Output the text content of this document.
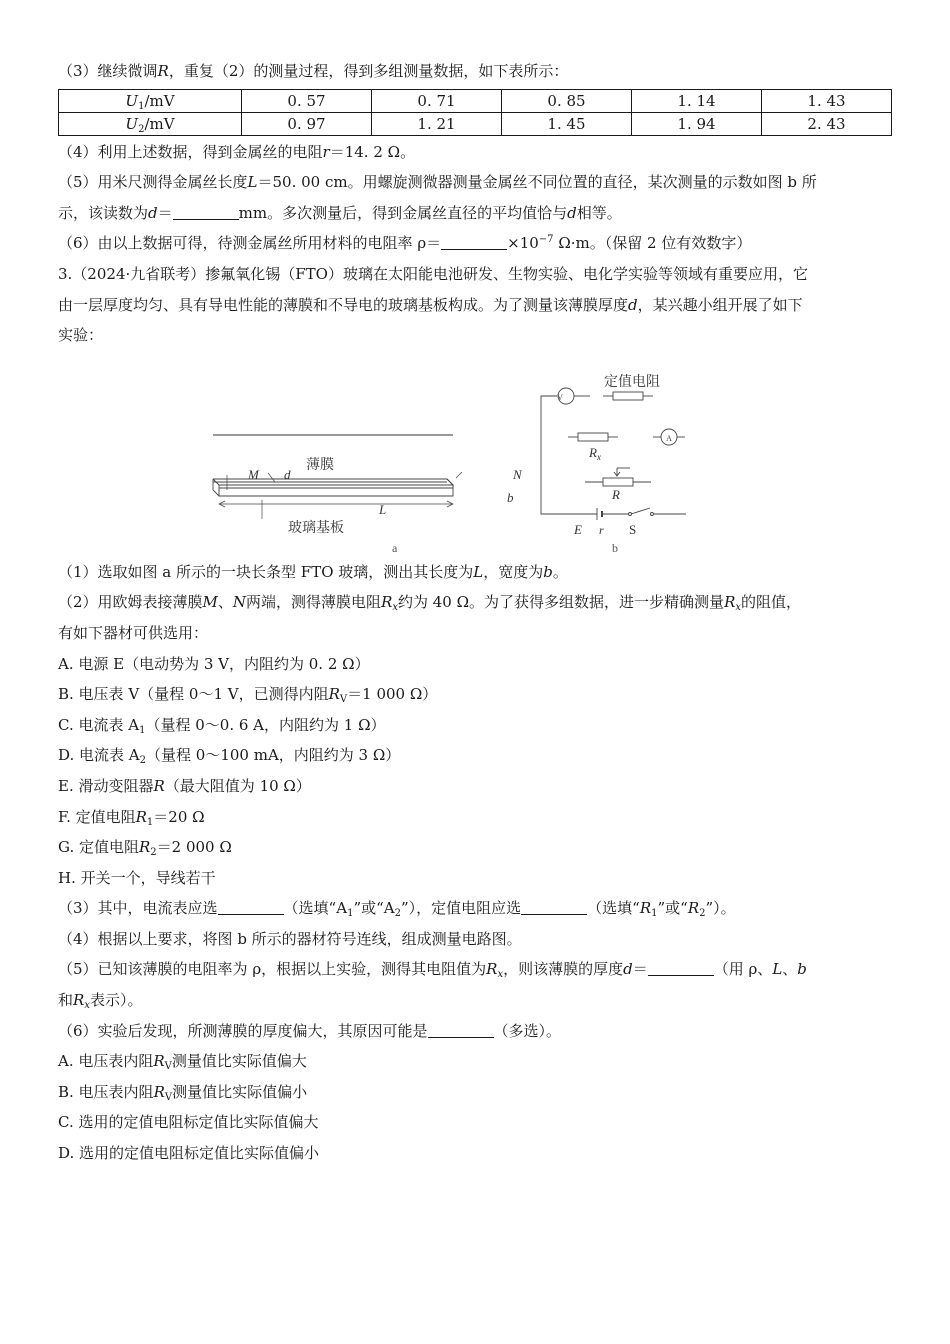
（3）继续微调R，重复（2）的测量过程，得到多组测量数据，如下表所示：
$U_1/mV$	0. 57	0. 71	0. 85	1. 14	1. 43
$U_2/mV$	0. 97	1. 21	1. 45	1. 94	2. 43
（4）利用上述数据，得到金属丝的电阻r＝14. 2 Ω。
（5）用米尺测得金属丝长度L＝50. 00 cm。用螺旋测微器测量金属丝不同位置的直径，某次测量的示数如图 b 所
示，该读数为d＝	mm。多次测量后，得到金属丝直径的平均值恰与d相等。
（6）由以上数据可得，待测金属丝所用材料的电阻率 ρ＝	$\times 10^{-7}$ Ω·m。（保留 2 位有效数字）
3.（2024·九省联考）掺氟氧化锡（FTO）玻璃在太阳能电池研发、生物实验、电化学实验等领域有重要应用，它
由一层厚度均匀、具有导电性能的薄膜和不导电的玻璃基板构成。为了测量该薄膜厚度d，某兴趣小组开展了如下
实验：
M d
薄膜
N
b
L
玻璃基板
a
V
定值电阻
A
$R_x$
R
E r S
b
（1）选取如图 a 所示的一块长条型 FTO 玻璃，测出其长度为L，宽度为b。
（2）用欧姆表接薄膜M、N两端，测得薄膜电阻$R_x$约为 40 Ω。为了获得多组数据，进一步精确测量$R_x$的阻值，
有如下器材可供选用：
A. 电源 E（电动势为 3 V，内阻约为 0. 2 Ω）
B. 电压表 V（量程 0～1 V，已测得内阻$R_V=1$ 000 Ω）
C. 电流表 $A_1$（量程 0～0. 6 A，内阻约为 1 Ω）
D. 电流表 $A_2$（量程 0～100 mA，内阻约为 3 Ω）
E. 滑动变阻器R（最大阻值为 10 Ω）
F. 定值电阻$R_1=20$ Ω
G. 定值电阻$R_2=2$ 000 Ω
H. 开关一个，导线若干
（3）其中，电流表应选	（选填“$A_1$”或“$A_2$”），定值电阻应选	（选填“$R_1$”或“$R_2$”）。
（4）根据以上要求，将图 b 所示的器材符号连线，组成测量电路图。
（5）已知该薄膜的电阻率为 ρ，根据以上实验，测得其电阻值为$R_x$，则该薄膜的厚度d＝	（用 ρ、L、b
和$R_x$表示）。
（6）实验后发现，所测薄膜的厚度偏大，其原因可能是	（多选）。
A. 电压表内阻$R_V$测量值比实际值偏大
B. 电压表内阻$R_V$测量值比实际值偏小
C. 选用的定值电阻标定值比实际值偏大
D. 选用的定值电阻标定值比实际值偏小
